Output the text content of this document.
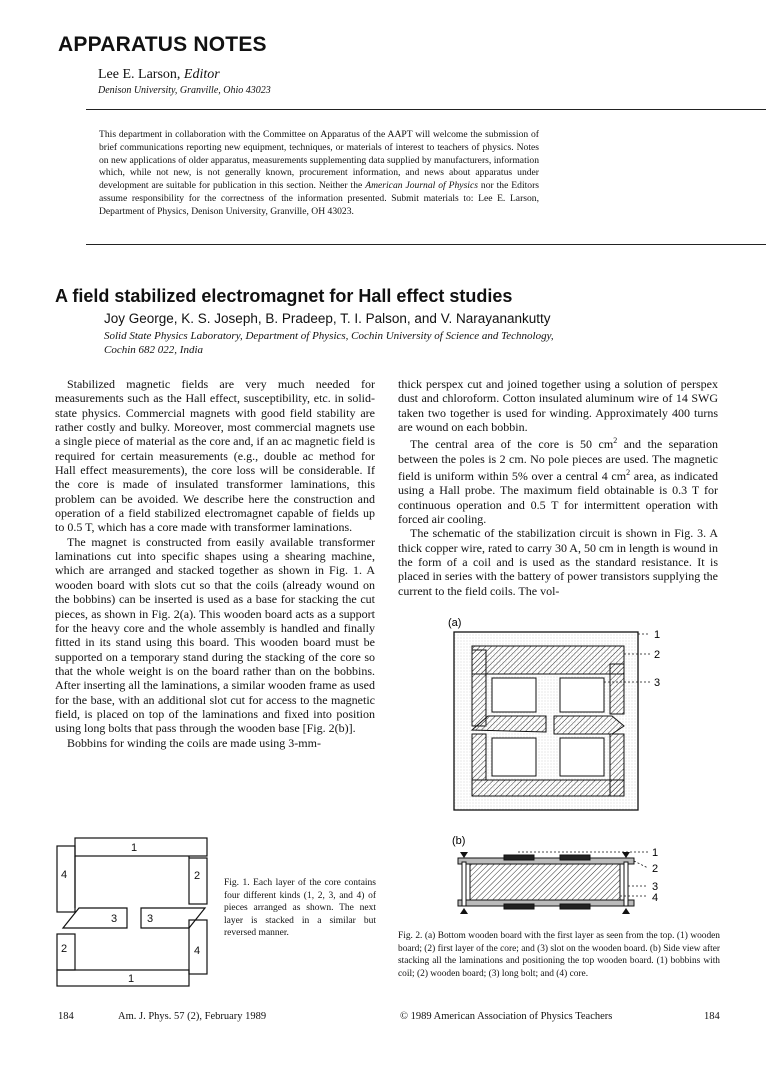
APPARATUS NOTES
Lee E. Larson, Editor
Denison University, Granville, Ohio 43023
This department in collaboration with the Committee on Apparatus of the AAPT will welcome the submission of brief communications reporting new equipment, techniques, or materials of interest to teachers of physics. Notes on new applications of older apparatus, measurements supplementing data supplied by manufacturers, information which, while not new, is not generally known, procurement information, and news about apparatus under development are suitable for publication in this section. Neither the American Journal of Physics nor the Editors assume responsibility for the correctness of the information presented. Submit materials to: Lee E. Larson, Department of Physics, Denison University, Granville, OH 43023.
A field stabilized electromagnet for Hall effect studies
Joy George, K. S. Joseph, B. Pradeep, T. I. Palson, and V. Narayanankutty
Solid State Physics Laboratory, Department of Physics, Cochin University of Science and Technology,
Cochin 682 022, India

Stabilized magnetic fields are very much needed for measurements such as the Hall effect, susceptibility, etc. in solid-state physics. Commercial magnets with good field stability are rather costly and bulky. Moreover, most commercial magnets use a single piece of material as the core and, if an ac magnetic field is required for certain measurements (e.g., double ac method for Hall effect measurements), the core loss will be considerable. If the core is made of insulated transformer laminations, this problem can be avoided. We describe here the construction and operation of a field stabilized electromagnet capable of fields up to 0.5 T, which has a core made with transformer laminations.

The magnet is constructed from easily available transformer laminations cut into specific shapes using a shearing machine, which are arranged and stacked together as shown in Fig. 1. A wooden board with slots cut so that the coils (already wound on the bobbins) can be inserted is used as a base for stacking the cut pieces, as shown in Fig. 2(a). This wooden board acts as a support for the heavy core and the whole assembly is handled and finally fitted in its stand using this board. This wooden board must be supported on a temporary stand during the stacking of the core so that the whole weight is on the board rather than on the bobbins. After inserting all the laminations, a similar wooden frame as used for the base, with an additional slot cut for access to the magnetic field, is placed on top of the laminations and fixed into position using long bolts that pass through the wooden base [Fig. 2(b)].

Bobbins for winding the coils are made using 3-mm-

thick perspex cut and joined together using a solution of perspex dust and chloroform. Cotton insulated aluminum wire of 14 SWG taken two together is used for winding. Approximately 400 turns are wound on each bobbin.

The central area of the core is 50 $cm^2$ and the separation between the poles is 2 cm. No pole pieces are used. The magnetic field is uniform within 5% over a central 4 $cm^2$ area, as indicated using a Hall probe. The maximum field obtainable is 0.3 T for continuous operation and 0.5 T for intermittent operation with forced air cooling.

The schematic of the stabilization circuit is shown in Fig. 3. A thick copper wire, rated to carry 30 A, 50 cm in length is wound in the form of a coil and is used as the standard resistance. It is placed in series with the battery of power transistors supplying the current to the field coils. The vol-

1
4	2
3	3
2	4
1
Fig. 1. Each layer of the core contains four different kinds (1, 2, 3, and 4) of pieces arranged as shown. The next layer is stacked in a similar but reversed manner.
(a)
1
2
3
(b)
1
2
3
4
Fig. 2. (a) Bottom wooden board with the first layer as seen from the top. (1) wooden board; (2) first layer of the core; and (3) slot on the wooden board. (b) Side view after stacking all the laminations and positioning the top wooden board. (1) bobbins with coil; (2) wooden board; (3) long bolt; and (4) core.
184	Am. J. Phys. 57 (2), February 1989	© 1989 American Association of Physics Teachers	184
